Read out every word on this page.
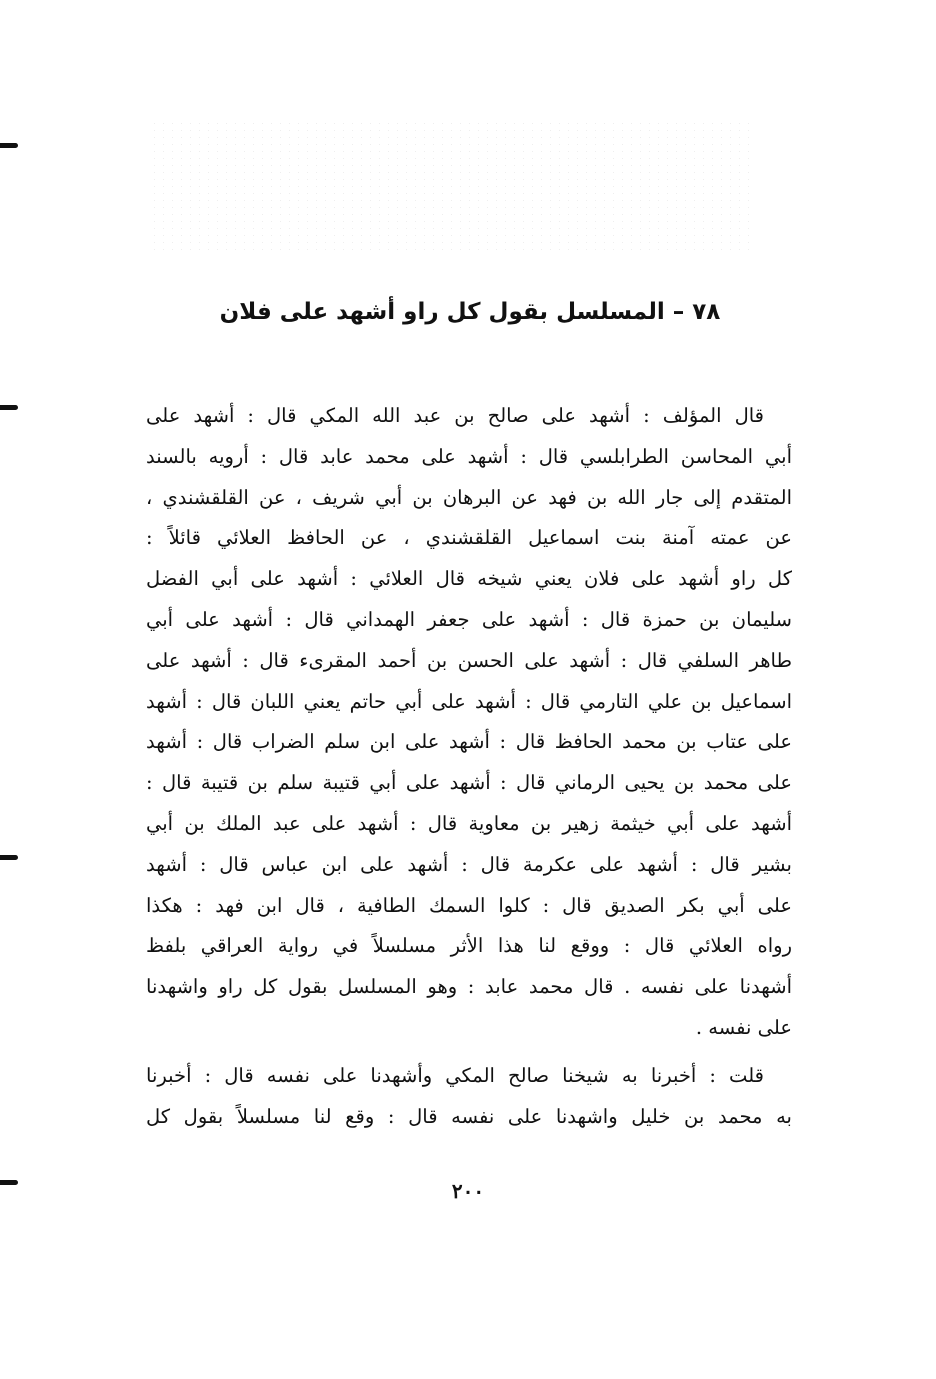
٧٨ – المسلسل بقول كل راو أشهد على فلان
قال المؤلف : أشهد على صالح بن عبد الله المكي قال : أشهد على
أبي المحاسن الطرابلسي قال : أشهد على محمد عابد قال : أرويه بالسند
المتقدم إلى جار الله بن فهد عن البرهان بن أبي شريف ، عن القلقشندي ،
عن عمته آمنة بنت اسماعيل القلقشندي ، عن الحافظ العلائي قائلاً :
كل راو أشهد على فلان يعني شيخه قال العلائي : أشهد على أبي الفضل
سليمان بن حمزة قال : أشهد على جعفر الهمداني قال : أشهد على أبي
طاهر السلفي قال : أشهد على الحسن بن أحمد المقرىء قال : أشهد على
اسماعيل بن علي التارمي قال : أشهد على أبي حاتم يعني اللبان قال : أشهد
على عتاب بن محمد الحافظ قال : أشهد على ابن سلم الضراب قال : أشهد
على محمد بن يحيى الرماني قال : أشهد على أبي قتيبة سلم بن قتيبة قال :
أشهد على أبي خيثمة زهير بن معاوية قال : أشهد على عبد الملك بن أبي
بشير قال : أشهد على عكرمة قال : أشهد على ابن عباس قال : أشهد
على أبي بكر الصديق قال : كلوا السمك الطافية ، قال ابن فهد : هكذا
رواه العلائي قال : ووقع لنا هذا الأثر مسلسلاً في رواية العراقي بلفظ
أشهدنا على نفسه . قال محمد عابد : وهو المسلسل بقول كل راو واشهدنا
على نفسه .
قلت : أخبرنا به شيخنا صالح المكي وأشهدنا على نفسه قال : أخبرنا
به محمد بن خليل واشهدنا على نفسه قال : وقع لنا مسلسلاً بقول كل
٢٠٠
